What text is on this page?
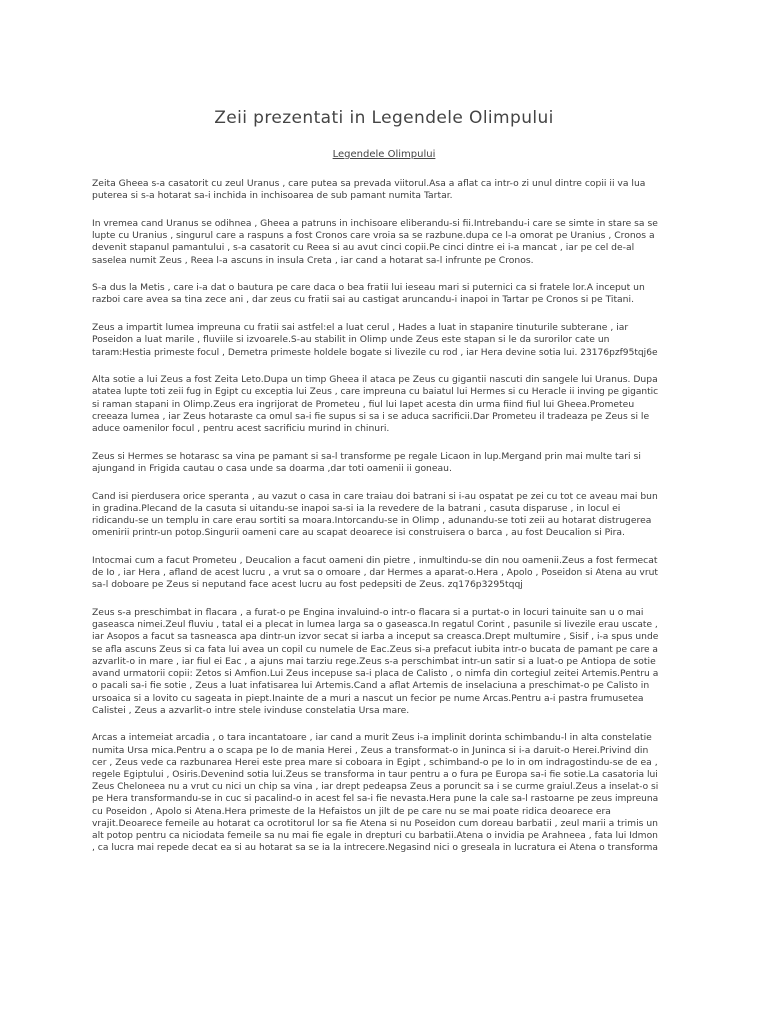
Zeii prezentati in Legendele Olimpului
Legendele Olimpului

Zeita Gheea s-a casatorit cu zeul Uranus , care putea sa prevada viitorul.Asa a aflat ca intr-o zi unul dintre copii ii va lua
puterea si s-a hotarat sa-i inchida in inchisoarea de sub pamant numita Tartar.

In vremea cand Uranus se odihnea , Gheea a patruns in inchisoare eliberandu-si fii.Intrebandu-i care se simte in stare sa se
lupte cu Uranius , singurul care a raspuns a fost Cronos care vroia sa se razbune.dupa ce l-a omorat pe Uranius , Cronos a
devenit stapanul pamantului , s-a casatorit cu Reea si au avut cinci copii.Pe cinci dintre ei i-a mancat , iar pe cel de-al
saselea numit Zeus , Reea l-a ascuns in insula Creta , iar cand a hotarat sa-l infrunte pe Cronos.

S-a dus la Metis , care i-a dat o bautura pe care daca o bea fratii lui ieseau mari si puternici ca si fratele lor.A inceput un
razboi care avea sa tina zece ani , dar zeus cu fratii sai au castigat aruncandu-i inapoi in Tartar pe Cronos si pe Titani.

Zeus a impartit lumea impreuna cu fratii sai astfel:el a luat cerul , Hades a luat in stapanire tinuturile subterane , iar
Poseidon a luat marile , fluviile si izvoarele.S-au stabilit in Olimp unde Zeus este stapan si le da surorilor cate un
taram:Hestia primeste focul , Demetra primeste holdele bogate si livezile cu rod , iar Hera devine sotia lui. 23176pzf95tqj6e

Alta sotie a lui Zeus a fost Zeita Leto.Dupa un timp Gheea il ataca pe Zeus cu gigantii nascuti din sangele lui Uranus. Dupa
atatea lupte toti zeii fug in Egipt cu exceptia lui Zeus , care impreuna cu baiatul lui Hermes si cu Heracle ii inving pe gigantic
si raman stapani in Olimp.Zeus era ingrijorat de Prometeu , fiul lui Iapet acesta din urma fiind fiul lui Gheea.Prometeu
creeaza lumea , iar Zeus hotaraste ca omul sa-i fie supus si sa i se aduca sacrificii.Dar Prometeu il tradeaza pe Zeus si le
aduce oamenilor focul , pentru acest sacrificiu murind in chinuri.

Zeus si Hermes se hotarasc sa vina pe pamant si sa-l transforme pe regale Licaon in lup.Mergand prin mai multe tari si
ajungand in Frigida cautau o casa unde sa doarma ,dar toti oamenii ii goneau.

Cand isi pierdusera orice speranta , au vazut o casa in care traiau doi batrani si i-au ospatat pe zei cu tot ce aveau mai bun
in gradina.Plecand de la casuta si uitandu-se inapoi sa-si ia la revedere de la batrani , casuta disparuse , in locul ei
ridicandu-se un templu in care erau sortiti sa moara.Intorcandu-se in Olimp , adunandu-se toti zeii au hotarat distrugerea
omenirii printr-un potop.Singurii oameni care au scapat deoarece isi construisera o barca , au fost Deucalion si Pira.

Intocmai cum a facut Prometeu , Deucalion a facut oameni din pietre , inmultindu-se din nou oamenii.Zeus a fost fermecat
de Io , iar Hera , afland de acest lucru , a vrut sa o omoare , dar Hermes a aparat-o.Hera , Apolo , Poseidon si Atena au vrut
sa-l doboare pe Zeus si neputand face acest lucru au fost pedepsiti de Zeus. zq176p3295tqqj

Zeus s-a preschimbat in flacara , a furat-o pe Engina invaluind-o intr-o flacara si a purtat-o in locuri tainuite san u o mai
gaseasca nimei.Zeul fluviu , tatal ei a plecat in lumea larga sa o gaseasca.In regatul Corint , pasunile si livezile erau uscate ,
iar Asopos a facut sa tasneasca apa dintr-un izvor secat si iarba a inceput sa creasca.Drept multumire , Sisif , i-a spus unde
se afla ascuns Zeus si ca fata lui avea un copil cu numele de Eac.Zeus si-a prefacut iubita intr-o bucata de pamant pe care a
azvarlit-o in mare , iar fiul ei Eac , a ajuns mai tarziu rege.Zeus s-a perschimbat intr-un satir si a luat-o pe Antiopa de sotie
avand urmatorii copii: Zetos si Amfion.Lui Zeus incepuse sa-i placa de Calisto , o nimfa din cortegiul zeitei Artemis.Pentru a
o pacali sa-i fie sotie , Zeus a luat infatisarea lui Artemis.Cand a aflat Artemis de inselaciuna a preschimat-o pe Calisto in
ursoaica si a lovito cu sageata in piept.Inainte de a muri a nascut un fecior pe nume Arcas.Pentru a-i pastra frumusetea
Calistei , Zeus a azvarlit-o intre stele ivinduse constelatia Ursa mare.

Arcas a intemeiat arcadia , o tara incantatoare , iar cand a murit Zeus i-a implinit dorinta schimbandu-l in alta constelatie
numita Ursa mica.Pentru a o scapa pe Io de mania Herei , Zeus a transformat-o in Juninca si i-a daruit-o Herei.Privind din
cer , Zeus vede ca razbunarea Herei este prea mare si coboara in Egipt , schimband-o pe Io in om indragostindu-se de ea ,
regele Egiptului , Osiris.Devenind sotia lui.Zeus se transforma in taur pentru a o fura pe Europa sa-i fie sotie.La casatoria lui
Zeus Cheloneea nu a vrut cu nici un chip sa vina , iar drept pedeapsa Zeus a poruncit sa i se curme graiul.Zeus a inselat-o si
pe Hera transformandu-se in cuc si pacalind-o in acest fel sa-i fie nevasta.Hera pune la cale sa-l rastoarne pe zeus impreuna
cu Poseidon , Apolo si Atena.Hera primeste de la Hefaistos un jilt de pe care nu se mai poate ridica deoarece era
vrajit.Deoarece femeile au hotarat ca ocrotitorul lor sa fie Atena si nu Poseidon cum doreau barbatii , zeul marii a trimis un
alt potop pentru ca niciodata femeile sa nu mai fie egale in drepturi cu barbatii.Atena o invidia pe Arahneea , fata lui Idmon
, ca lucra mai repede decat ea si au hotarat sa se ia la intrecere.Negasind nici o greseala in lucratura ei Atena o transforma
